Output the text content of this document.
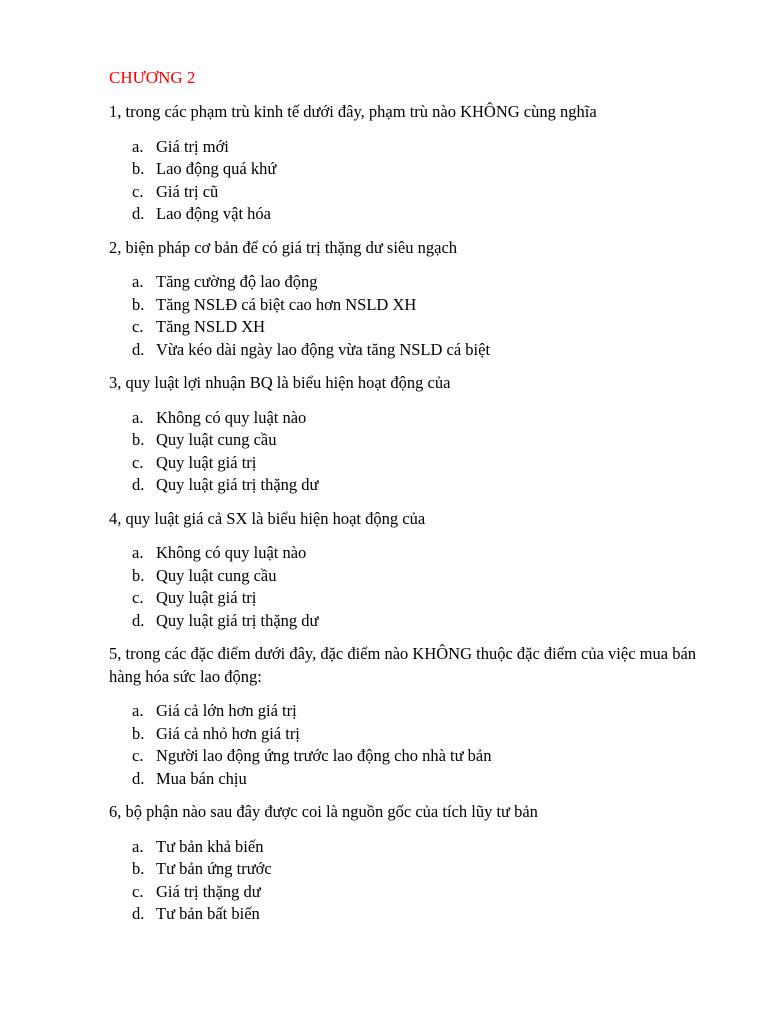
CHƯƠNG 2
1, trong các phạm trù kinh tế dưới đây, phạm trù nào KHÔNG cùng nghĩa
a. Giá trị mới
b. Lao động quá khứ
c. Giá trị cũ
d. Lao động vật hóa
2, biện pháp cơ bản để có giá trị thặng dư siêu ngạch
a. Tăng cường độ lao động
b. Tăng NSLĐ cá biệt cao hơn NSLD XH
c. Tăng NSLD XH
d. Vừa kéo dài ngày lao động vừa tăng NSLD cá biệt
3, quy luật lợi nhuận BQ là biểu hiện hoạt động của
a. Không có quy luật nào
b. Quy luật cung cầu
c. Quy luật giá trị
d. Quy luật giá trị thặng dư
4, quy luật giá cả SX là biểu hiện hoạt động của
a. Không có quy luật nào
b. Quy luật cung cầu
c. Quy luật giá trị
d. Quy luật giá trị thặng dư
5, trong các đặc điểm dưới đây, đặc điểm nào KHÔNG thuộc đặc điểm của việc mua bán hàng hóa sức lao động:
a. Giá cả lớn hơn giá trị
b. Giá cả nhỏ hơn giá trị
c. Người lao động ứng trước lao động cho nhà tư bản
d. Mua bán chịu
6, bộ phận nào sau đây được coi là nguồn gốc của tích lũy tư bản
a. Tư bản khả biến
b. Tư bản ứng trước
c. Giá trị thặng dư
d. Tư bản bất biến
